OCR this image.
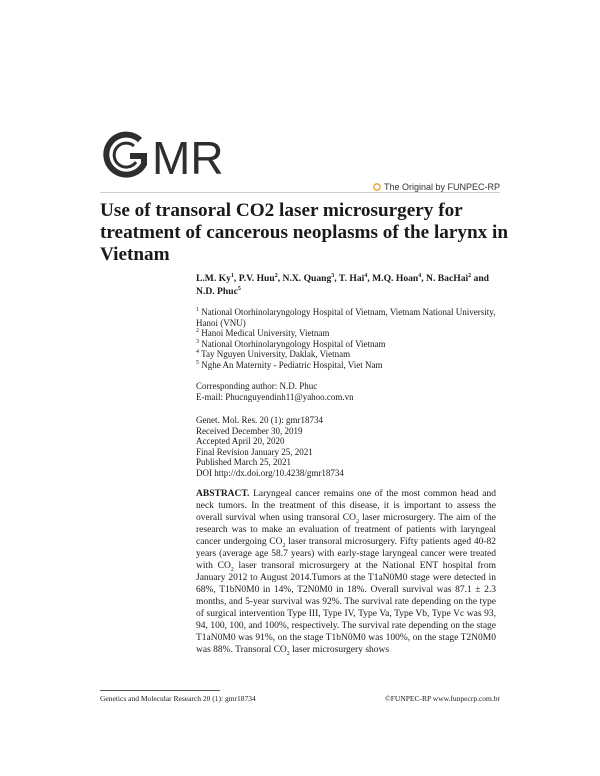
MR
The Original by FUNPEC-RP
Use of transoral CO2 laser microsurgery for treatment of cancerous neoplasms of the larynx in Vietnam
L.M. Ky$^1$, P.V. Huu$^2$, N.X. Quang$^3$, T. Hai$^4$, M.Q. Hoan$^4$, N. BacHai$^2$ and N.D. Phuc$^5$
$^1$ National Otorhinolaryngology Hospital of Vietnam, Vietnam National University, Hanoi (VNU)
$^2$ Hanoi Medical University, Vietnam
$^3$ National Otorhinolaryngology Hospital of Vietnam
$^4$ Tay Nguyen University, Daklak, Vietnam
$^5$ Nghe An Maternity - Pediatric Hospital, Viet Nam
Corresponding author: N.D. Phuc
E-mail: Phucnguyendinh11@yahoo.com.vn
Genet. Mol. Res. 20 (1): gmr18734
Received December 30, 2019
Accepted April 20, 2020
Final Revision January 25, 2021
Published March 25, 2021
DOI http://dx.doi.org/10.4238/gmr18734
ABSTRACT. Laryngeal cancer remains one of the most common head and neck tumors. In the treatment of this disease, it is important to assess the overall survival when using transoral $CO_2$ laser microsurgery. The aim of the research was to make an evaluation of treatment of patients with laryngeal cancer undergoing $CO_2$ laser transoral microsurgery. Fifty patients aged 40-82 years (average age 58.7 years) with early-stage laryngeal cancer were treated with $CO_2$ laser transoral microsurgery at the National ENT hospital from January 2012 to August 2014.Tumors at the T1aN0M0 stage were detected in 68%, T1bN0M0 in 14%, T2N0M0 in 18%. Overall survival was 87.1 ± 2.3 months, and 5-year survival was 92%. The survival rate depending on the type of surgical intervention Type III, Type IV, Type Va, Type Vb, Type Vc was 93, 94, 100, 100, and 100%, respectively. The survival rate depending on the stage T1aN0M0 was 91%, on the stage T1bN0M0 was 100%, on the stage T2N0M0 was 88%. Transoral $CO_2$ laser microsurgery shows
Genetics and Molecular Research 20 (1): gmr18734	©FUNPEC-RP www.funpecrp.com.br
